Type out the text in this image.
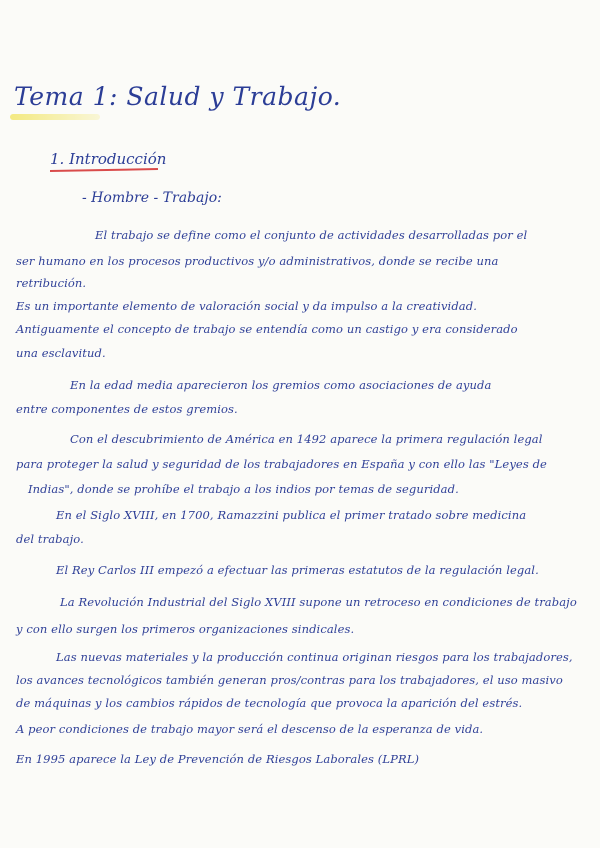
Tema 1: Salud y Trabajo.
1. Introducción
- Hombre - Trabajo:
El trabajo se define como el conjunto de actividades desarrolladas por el
ser humano en los procesos productivos y/o administrativos, donde se recibe una
retribución.
Es un importante elemento de valoración social y da impulso a la creatividad.
Antiguamente el concepto de trabajo se entendía como un castigo y era considerado
una esclavitud.
En la edad media aparecieron los gremios como asociaciones de ayuda
entre componentes de estos gremios.
Con el descubrimiento de América en 1492 aparece la primera regulación legal
para proteger la salud y seguridad de los trabajadores en España y con ello las "Leyes de
Indias", donde se prohíbe el trabajo a los indios por temas de seguridad.
En el Siglo XVIII, en 1700, Ramazzini publica el primer tratado sobre medicina
del trabajo.
El Rey Carlos III empezó a efectuar las primeras estatutos de la regulación legal.
La Revolución Industrial del Siglo XVIII supone un retroceso en condiciones de trabajo
y con ello surgen los primeros organizaciones sindicales.
Las nuevas materiales y la producción continua originan riesgos para los trabajadores,
los avances tecnológicos también generan pros/contras para los trabajadores, el uso masivo
de máquinas y los cambios rápidos de tecnología que provoca la aparición del estrés.
A peor condiciones de trabajo mayor será el descenso de la esperanza de vida.
En 1995 aparece la Ley de Prevención de Riesgos Laborales (LPRL)
